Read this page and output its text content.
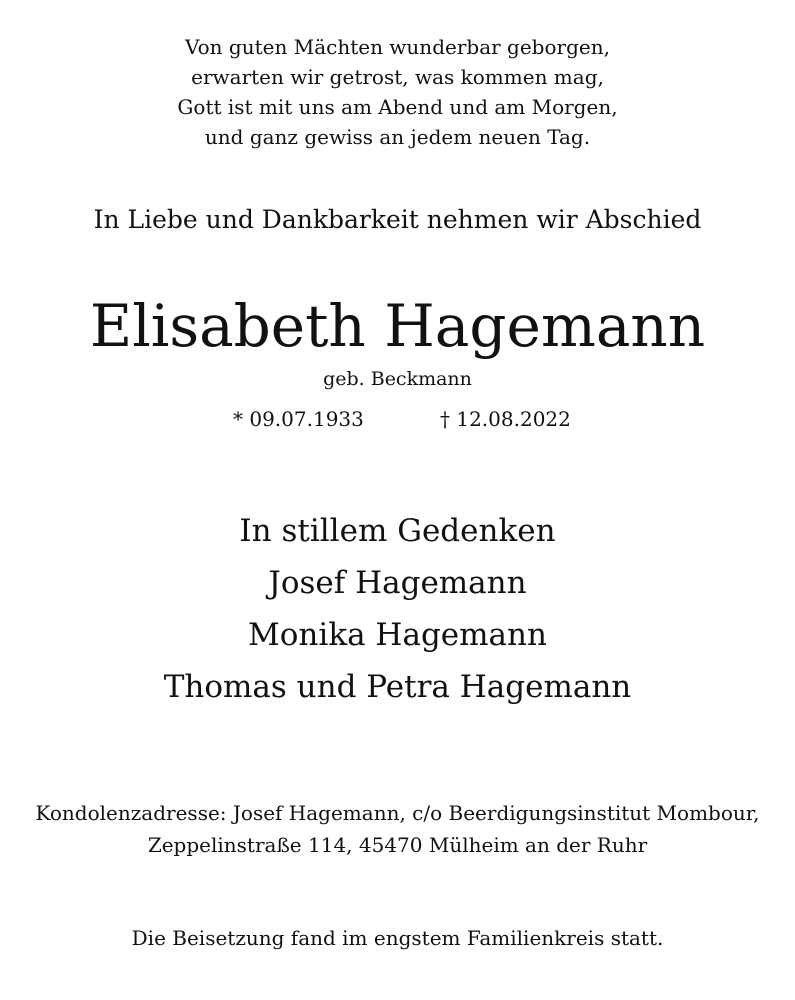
Von guten Mächten wunderbar geborgen,
erwarten wir getrost, was kommen mag,
Gott ist mit uns am Abend und am Morgen,
und ganz gewiss an jedem neuen Tag.
In Liebe und Dankbarkeit nehmen wir Abschied
Elisabeth Hagemann
geb. Beckmann
* 09.07.1933	† 12.08.2022
In stillem Gedenken
Josef Hagemann
Monika Hagemann
Thomas und Petra Hagemann
Kondolenzadresse: Josef Hagemann, c/o Beerdigungsinstitut Mombour,
Zeppelinstraße 114, 45470 Mülheim an der Ruhr
Die Beisetzung fand im engstem Familienkreis statt.
